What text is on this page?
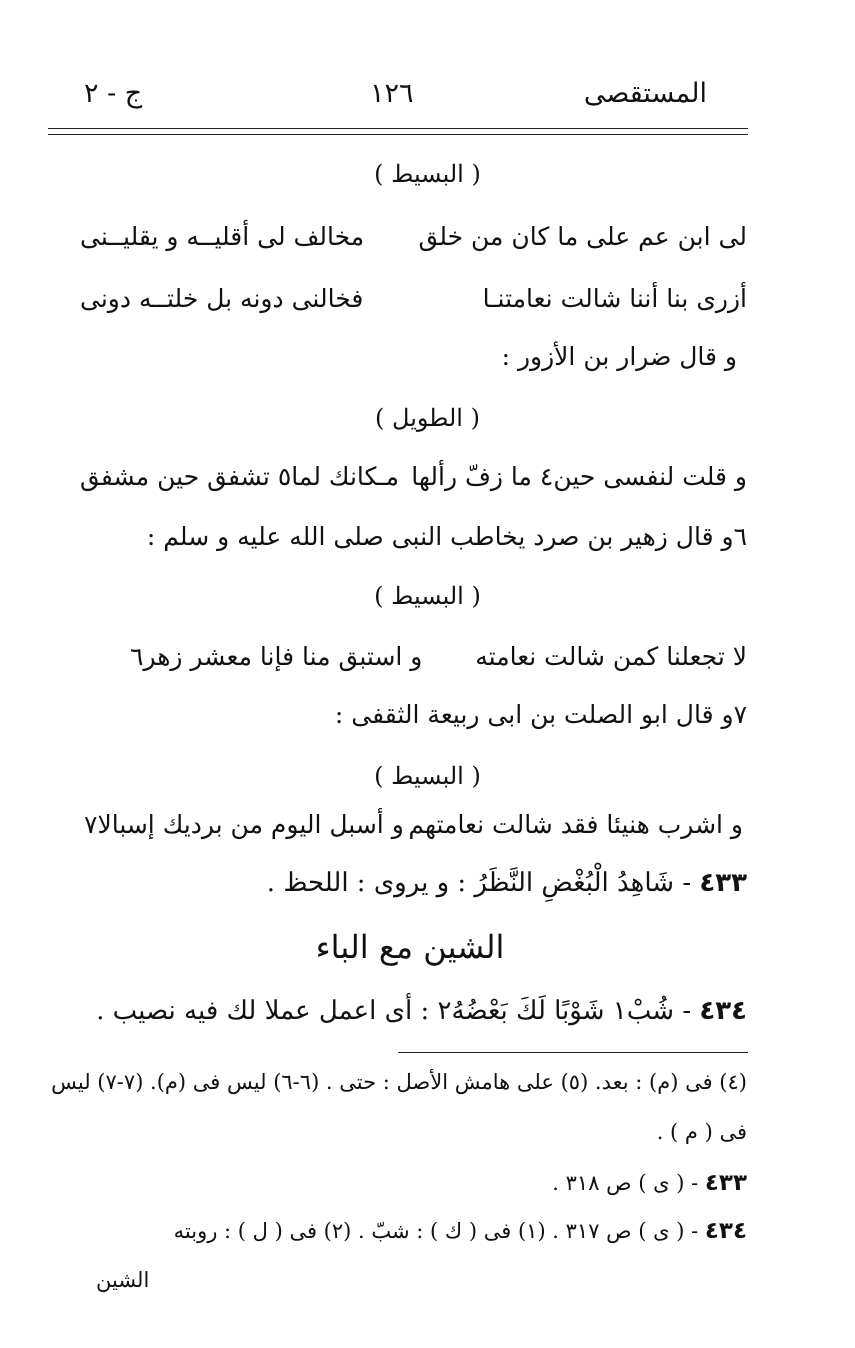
المستقصى
١٢٦
ج - ٢
( البسيط )
لى ابن عم على ما كان من خلق
مخالف لى أقليــه و يقليــنى
أزرى بنا أننا شالت نعامتنـا
فخالنى دونه بل خلتــه دونى
و قال ضرار بن الأزور :
( الطويل )
و قلت لنفسى حين٤ ما زفّ رألها
مـكانك لما٥ تشفق حين مشفق
٦و قال زهير بن صرد يخاطب النبى صلى الله عليه و سلم :
( البسيط )
لا تجعلنا كمن شالت نعامته
و استبق منا فإنا معشر زهر٦
٧و قال ابو الصلت بن ابى ربيعة الثقفى :
( البسيط )
و اشرب هنيئا فقد شالت نعامتهم
و أسبل اليوم من برديك إسبالا٧
٤٣٣ - شَاهِدُ الْبُغْضِ النَّظَرُ : و يروى : اللحظ .
الشين مع الباء
٤٣٤ - شُبْ١ شَوْبًا لَكَ بَعْضُهُ٢ : أى اعمل عملا لك فيه نصيب .
(٤) فى (م) : بعد. (٥) على هامش الأصل : حتى . (٦-٦) ليس فى (م). (٧-٧) ليس
فى ( م ) .
٤٣٣ - ( ى ) ص ٣١٨ .
٤٣٤ - ( ى ) ص ٣١٧ . (١) فى ( ك ) : شبّ . (٢) فى ( ل ) : روبته
الشين
